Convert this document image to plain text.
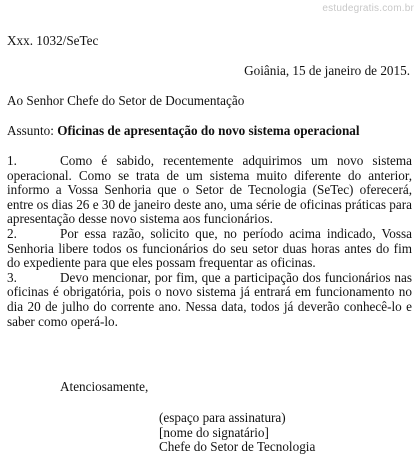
estudegratis.com.br
Xxx. 1032/SeTec
Goiânia, 15 de janeiro de 2015.
Ao Senhor Chefe do Setor de Documentação
Assunto: Oficinas de apresentação do novo sistema operacional

1.	Como é sabido, recentemente adquirimos um novo sistema operacional. Como se trata de um sistema muito diferente do anterior, informo a Vossa Senhoria que o Setor de Tecnologia (SeTec) oferecerá, entre os dias 26 e 30 de janeiro deste ano, uma série de oficinas práticas para apresentação desse novo sistema aos funcionários.

2.	Por essa razão, solicito que, no período acima indicado, Vossa Senhoria libere todos os funcionários do seu setor duas horas antes do fim do expediente para que eles possam frequentar as oficinas.

3.	Devo mencionar, por fim, que a participação dos funcionários nas oficinas é obrigatória, pois o novo sistema já entrará em funcionamento no dia 20 de julho do corrente ano. Nessa data, todos já deverão conhecê-lo e saber como operá-lo.

Atenciosamente,
(espaço para assinatura)
[nome do signatário]
Chefe do Setor de Tecnologia
